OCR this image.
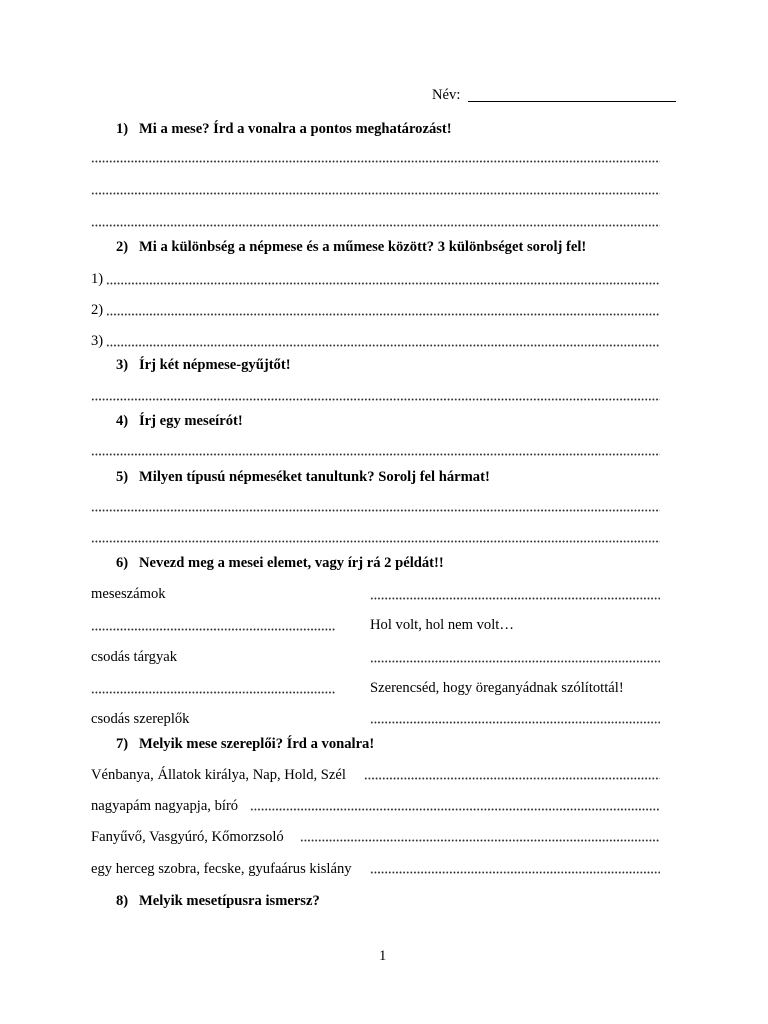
Név:
1) Mi a mese? Írd a vonalra a pontos meghatározást!
2) Mi a különbség a népmese és a műmese között? 3 különbséget sorolj fel!
1)
2)
3)
3) Írj két népmese-gyűjtőt!
4) Írj egy meseírót!
5) Milyen típusú népmeséket tanultunk? Sorolj fel hármat!
6) Nevezd meg a mesei elemet, vagy írj rá 2 példát!!
meseszámok
Hol volt, hol nem volt…
csodás tárgyak
Szerencséd, hogy öreganyádnak szólítottál!
csodás szereplők
7) Melyik mese szereplői? Írd a vonalra!
Vénbanya, Állatok királya, Nap, Hold, Szél
nagyapám nagyapja, bíró
Fanyűvő, Vasgyúró, Kőmorzsoló
egy herceg szobra, fecske, gyufaárus kislány
8) Melyik mesetípusra ismersz?
1
